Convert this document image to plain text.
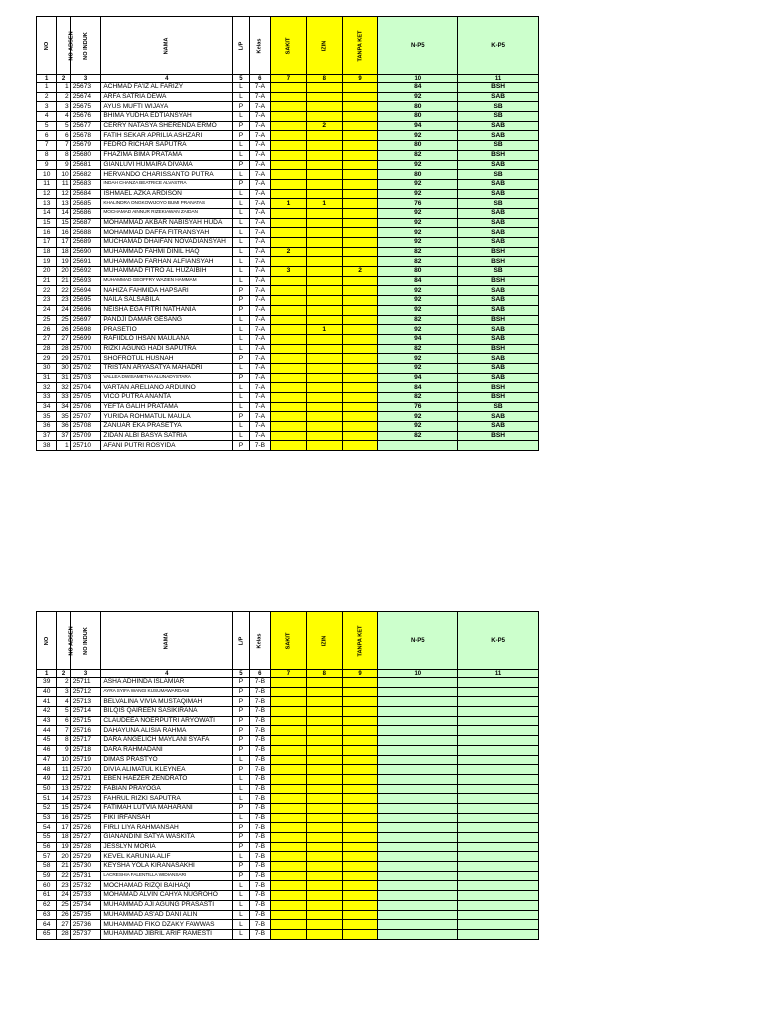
NO	NO ABSEN	NO INDUK	NAMA	L/P	Kelas	SAKIT	IZIN	TANPA KET	N-P5	K-P5
1	2	3	4	5	6	7	8	9	10	11
1	1	25673	ACHMAD FA'IZ AL FARIZY	L	7-A				84	BSH
2	2	25674	ARFA SATRIA DEWA	L	7-A				92	SAB
3	3	25675	AYUS MUFTI WIJAYA	P	7-A				80	SB
4	4	25676	BHIMA YUDHA EDTIANSYAH	L	7-A				80	SB
5	5	25677	CERRY NATASYA SHERENDA ERMO	P	7-A		2		94	SAB
6	6	25678	FATIH SEKAR APRILIA ASHZARI	P	7-A				92	SAB
7	7	25679	FEDRO RICHAR SAPUTRA	L	7-A				80	SB
8	8	25680	FHAZIMA BIMA PRATAMA	L	7-A				82	BSH
9	9	25681	GIANLUVI HUMAIRA DIVAMA	P	7-A				92	SAB
10	10	25682	HERVANDO CHARISSANTO PUTRA	L	7-A				80	SB
11	11	25683	INDAH CHANZA BEATRICE ALVASTRA	P	7-A				92	SAB
12	12	25684	ISHMAEL AZKA ARDISON	L	7-A				92	SAB
13	13	25685	KHALINDRA ONGKOWIJOYO BUMI PRANATAS	L	7-A	1	1		76	SB
14	14	25686	MOCHAMAD AINNUR RIZEKIAWAN ZAIDAN	L	7-A				92	SAB
15	15	25687	MOHAMMAD AKBAR NABISYAH HUDA	L	7-A				92	SAB
16	16	25688	MOHAMMAD DAFFA FITRANSYAH	L	7-A				92	SAB
17	17	25689	MUCHAMAD DHAIFAN NOVADIANSYAH	L	7-A				92	SAB
18	18	25690	MUHAMMAD FAHMI DINIL HAQ	L	7-A	2			82	BSH
19	19	25691	MUHAMMAD FARHAN ALFIANSYAH	L	7-A				82	BSH
20	20	25692	MUHAMMAD FITRO AL HUZAIBIH	L	7-A	3		2	80	SB
21	21	25693	MUHAMMAD GEOFFRY WAZIEN HAMMAM	L	7-A				84	BSH
22	22	25694	NAHIZA FAHMIDA HAPSARI	P	7-A				92	SAB
23	23	25695	NAILA SALSABILA	P	7-A				92	SAB
24	24	25696	NEISHA EGA FITRI NATHANIA	P	7-A				92	SAB
25	25	25697	PANDJI DAMAR GESANG	L	7-A				82	BSH
26	26	25698	PRASETIO	L	7-A		1		92	SAB
27	27	25699	RAFIIDLO IHSAN MAULANA	L	7-A				94	SAB
28	28	25700	RIZKI AGUNG HADI SAPUTRA	L	7-A				82	BSH
29	29	25701	SHOFROTUL HUSNAH	P	7-A				92	SAB
30	30	25702	TRISTAN ARYASATYA MAHADRI	L	7-A				92	SAB
31	31	25703	VALLEA DWISAMETHA ALUNADYSTARA	P	7-A				94	SAB
32	32	25704	VARTAN ARELIANO ARDUINO	L	7-A				84	BSH
33	33	25705	VICO PUTRA ANANTA	L	7-A				82	BSH
34	34	25706	YEFTA GALIH PRATAMA	L	7-A				76	SB
35	35	25707	YURIDA ROHMATUL MAULA	P	7-A				92	SAB
36	36	25708	ZANUAR EKA PRASETYA	L	7-A				92	SAB
37	37	25709	ZIDAN ALBI BASYA SATRIA	L	7-A				82	BSH
38	1	25710	AFANI PUTRI ROSYIDA	P	7-B					
NO	NO ABSEN	NO INDUK	NAMA	L/P	Kelas	SAKIT	IZIN	TANPA KET	N-P5	K-P5
1	2	3	4	5	6	7	8	9	10	11
39	2	25711	ASHA ADHINDA ISLAMIAR	P	7-B					
40	3	25712	AYRA SYIFA WANGI KUSUMAWARDANI	P	7-B					
41	4	25713	BELVALINA VIVIA MUSTAQIMAH	P	7-B					
42	5	25714	BILQIS QAIREEN SASIKIRANA	P	7-B					
43	6	25715	CLAUDEEA NOERPUTRI ARYOWATI	P	7-B					
44	7	25716	DAHAYUNA ALISIA RAHMA	P	7-B					
45	8	25717	DARA ANGELICH MAYLANI SYAFA	P	7-B					
46	9	25718	DARA RAHMADANI	P	7-B					
47	10	25719	DIMAS PRASTYO	L	7-B					
48	11	25720	DIVIA ALIMATUL KLEYNEA	P	7-B					
49	12	25721	EBEN HAEZER ZENDRATO	L	7-B					
50	13	25722	FABIAN PRAYOGA	L	7-B					
51	14	25723	FAHRUL RIZKI SAPUTRA	L	7-B					
52	15	25724	FATIMAH LUTVIA MAHARANI	P	7-B					
53	16	25725	FIKI IRFANSAH	L	7-B					
54	17	25726	FIRLI LIYA RAHMANSAH	P	7-B					
55	18	25727	GIANANDINI SATYA WASKITA	P	7-B					
56	19	25728	JESSLYN MORIA	P	7-B					
57	20	25729	KEVEL KARUNIA ALIF	L	7-B					
58	21	25730	KEYSHA YOLA KIRANASAKHI	P	7-B					
59	22	25731	LACRESHIA FALENTILLA WIDIANSARI	P	7-B					
60	23	25732	MOCHAMAD RIZQI BAIHAQI	L	7-B					
61	24	25733	MOHAMAD ALVIN CAHYA NUGROHO	L	7-B					
62	25	25734	MUHAMMAD AJI AGUNG PRASASTI	L	7-B					
63	26	25735	MUHAMMAD AS'AD DANI ALIN	L	7-B					
64	27	25736	MUHAMMAD FIKO DZAKY FAWWAS	L	7-B					
65	28	25737	MUHAMMAD JIBRIL ARIF RAMESTI	L	7-B					
